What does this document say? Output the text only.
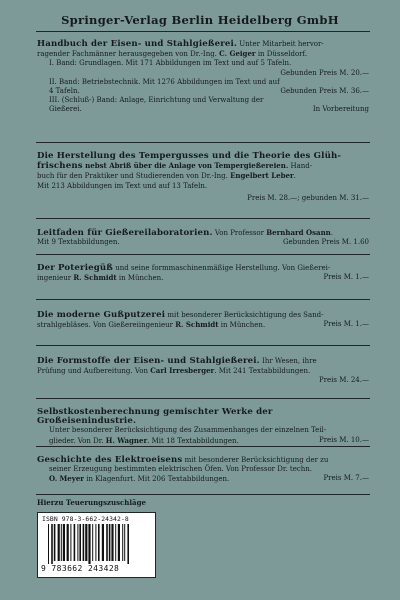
Springer-Verlag Berlin Heidelberg GmbH
Handbuch der Eisen- und Stahlgießerei. Unter Mitarbeit hervor-
ragender Fachmänner herausgegeben von Dr.-Ing. C. Geiger in Düsseldorf.
I. Band: Grundlagen. Mit 171 Abbildungen im Text und auf 5 Tafeln.
Gebunden Preis M. 20.—
II. Band: Betriebstechnik. Mit 1276 Abbildungen im Text und auf
4 Tafeln.	Gebunden Preis M. 36.—
III. (Schluß-) Band: Anlage, Einrichtung und Verwaltung der
Gießerei.	In Vorbereitung
Die Herstellung des Tempergusses und die Theorie des Glüh-
frischens nebst Abriß über die Anlage von Tempergießereien. Hand-
buch für den Praktiker und Studierenden von Dr.-Ing. Engelbert Leber.
Mit 213 Abbildungen im Text und auf 13 Tafeln.
Preis M. 28.—; gebunden M. 31.—
Leitfaden für Gießereilaboratorien. Von Professor Bernhard Osann.
Mit 9 Textabbildungen.	Gebunden Preis M. 1.60
Der Poteriegüß und seine formmaschinenmäßige Herstellung. Von Gießerei-
ingenieur R. Schmidt in München.	Preis M. 1.—
Die moderne Gußputzerei mit besonderer Berücksichtigung des Sand-
strahlgebläses. Von Gießereiingenieur R. Schmidt in München.	Preis M. 1.—
Die Formstoffe der Eisen- und Stahlgießerei. Ihr Wesen, ihre
Prüfung und Aufbereitung. Von Carl Irresberger. Mit 241 Textabbildungen.
Preis M. 24.—
Selbstkostenberechnung gemischter Werke der Großeisenindustrie.
Unter besonderer Berücksichtigung des Zusammenhanges der einzelnen Teil-
glieder. Von Dr. H. Wagner. Mit 18 Textabbildungen.	Preis M. 10.—
Geschichte des Elektroeisens mit besonderer Berücksichtigung der zu
seiner Erzeugung bestimmten elektrischen Öfen. Von Professor Dr. techn.
O. Meyer in Klagenfurt. Mit 206 Textabbildungen.	Preis M. 7.—
Hierzu Teuerungszuschläge
ISBN 978-3-662-24342-8
9 783662 243428
